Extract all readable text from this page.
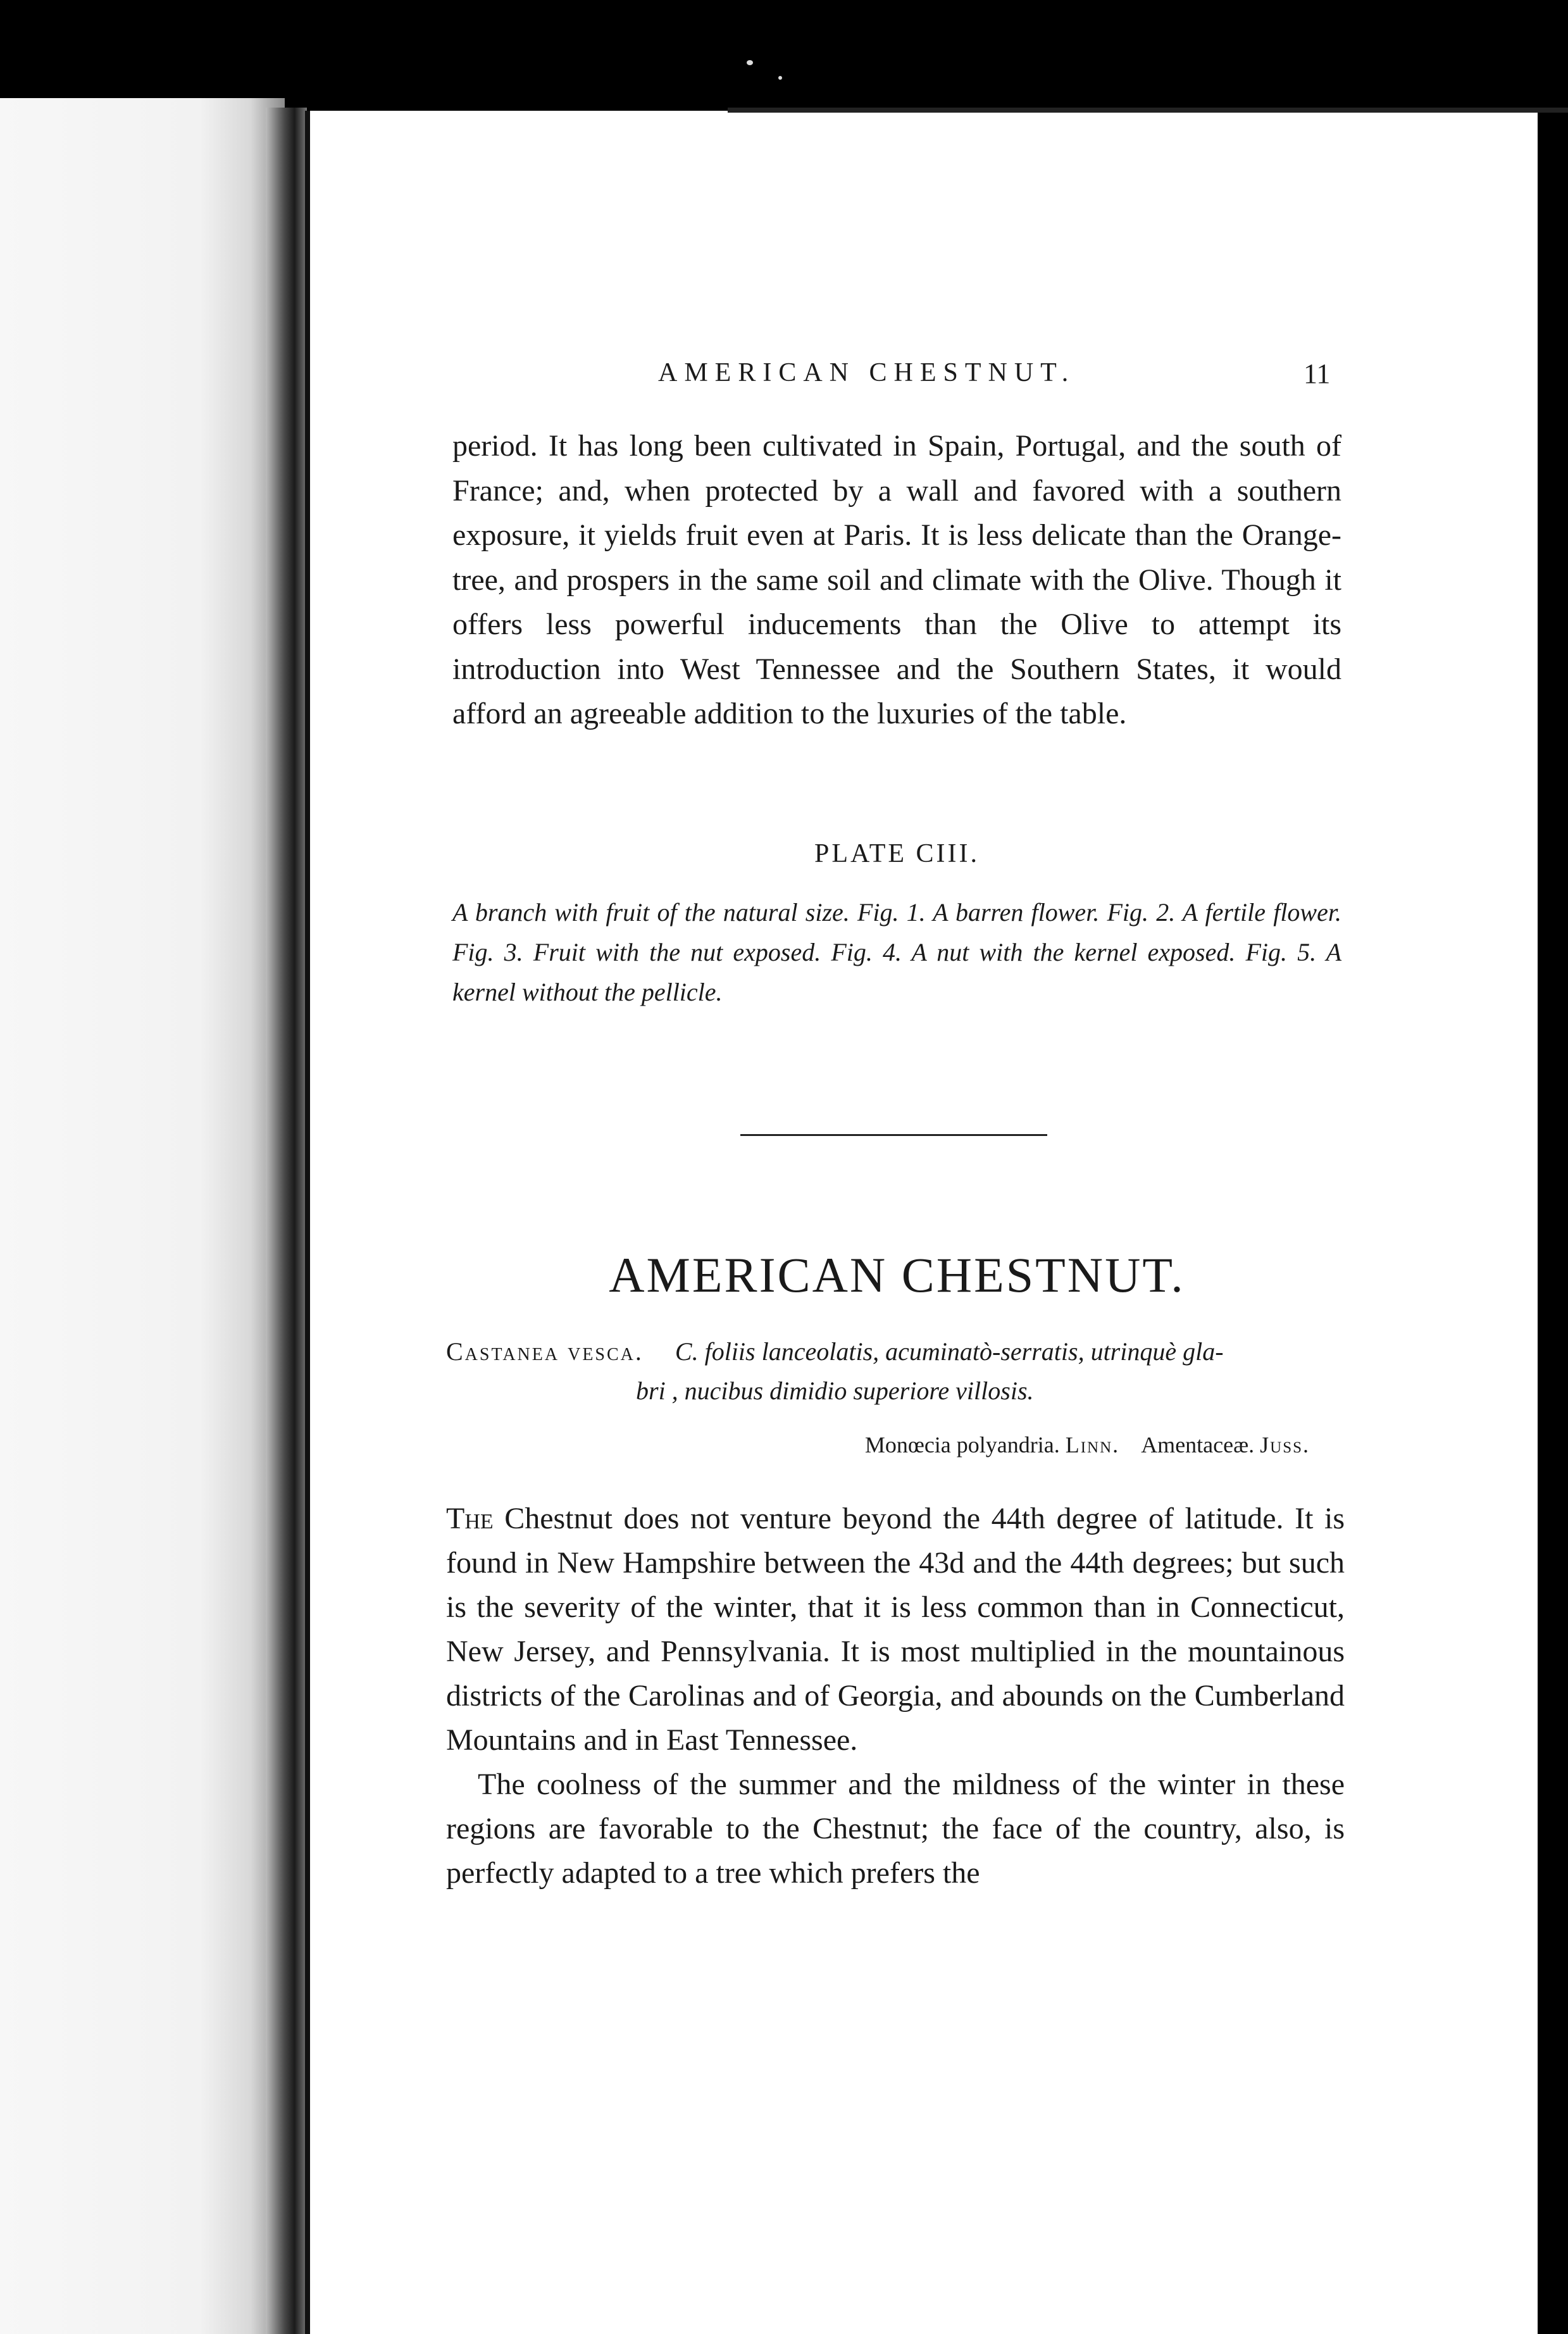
AMERICAN CHESTNUT.	11

period. It has long been cultivated in Spain, Portugal, and the south of France; and, when protected by a wall and favored with a southern exposure, it yields fruit even at Paris. It is less delicate than the Orange-tree, and prospers in the same soil and climate with the Olive. Though it offers less powerful inducements than the Olive to attempt its introduction into West Tennessee and the Southern States, it would afford an agreeable addition to the luxuries of the table.

PLATE CIII.
A branch with fruit of the natural size. Fig. 1. A barren flower. Fig. 2. A fertile flower. Fig. 3. Fruit with the nut exposed. Fig. 4. A nut with the kernel exposed. Fig. 5. A kernel without the pellicle.
AMERICAN CHESTNUT.
Castanea vesca. C. foliis lanceolatis, acuminatò-serratis, utrinquè gla-
bri , nucibus dimidio superiore villosis.
Monœcia polyandria. Linn. Amentaceæ. Juss.

The Chestnut does not venture beyond the 44th degree of latitude. It is found in New Hampshire between the 43d and the 44th degrees; but such is the severity of the winter, that it is less common than in Connecticut, New Jersey, and Pennsylvania. It is most multiplied in the mountainous districts of the Carolinas and of Georgia, and abounds on the Cumberland Mountains and in East Tennessee.

The coolness of the summer and the mildness of the winter in these regions are favorable to the Chestnut; the face of the country, also, is perfectly adapted to a tree which prefers the
